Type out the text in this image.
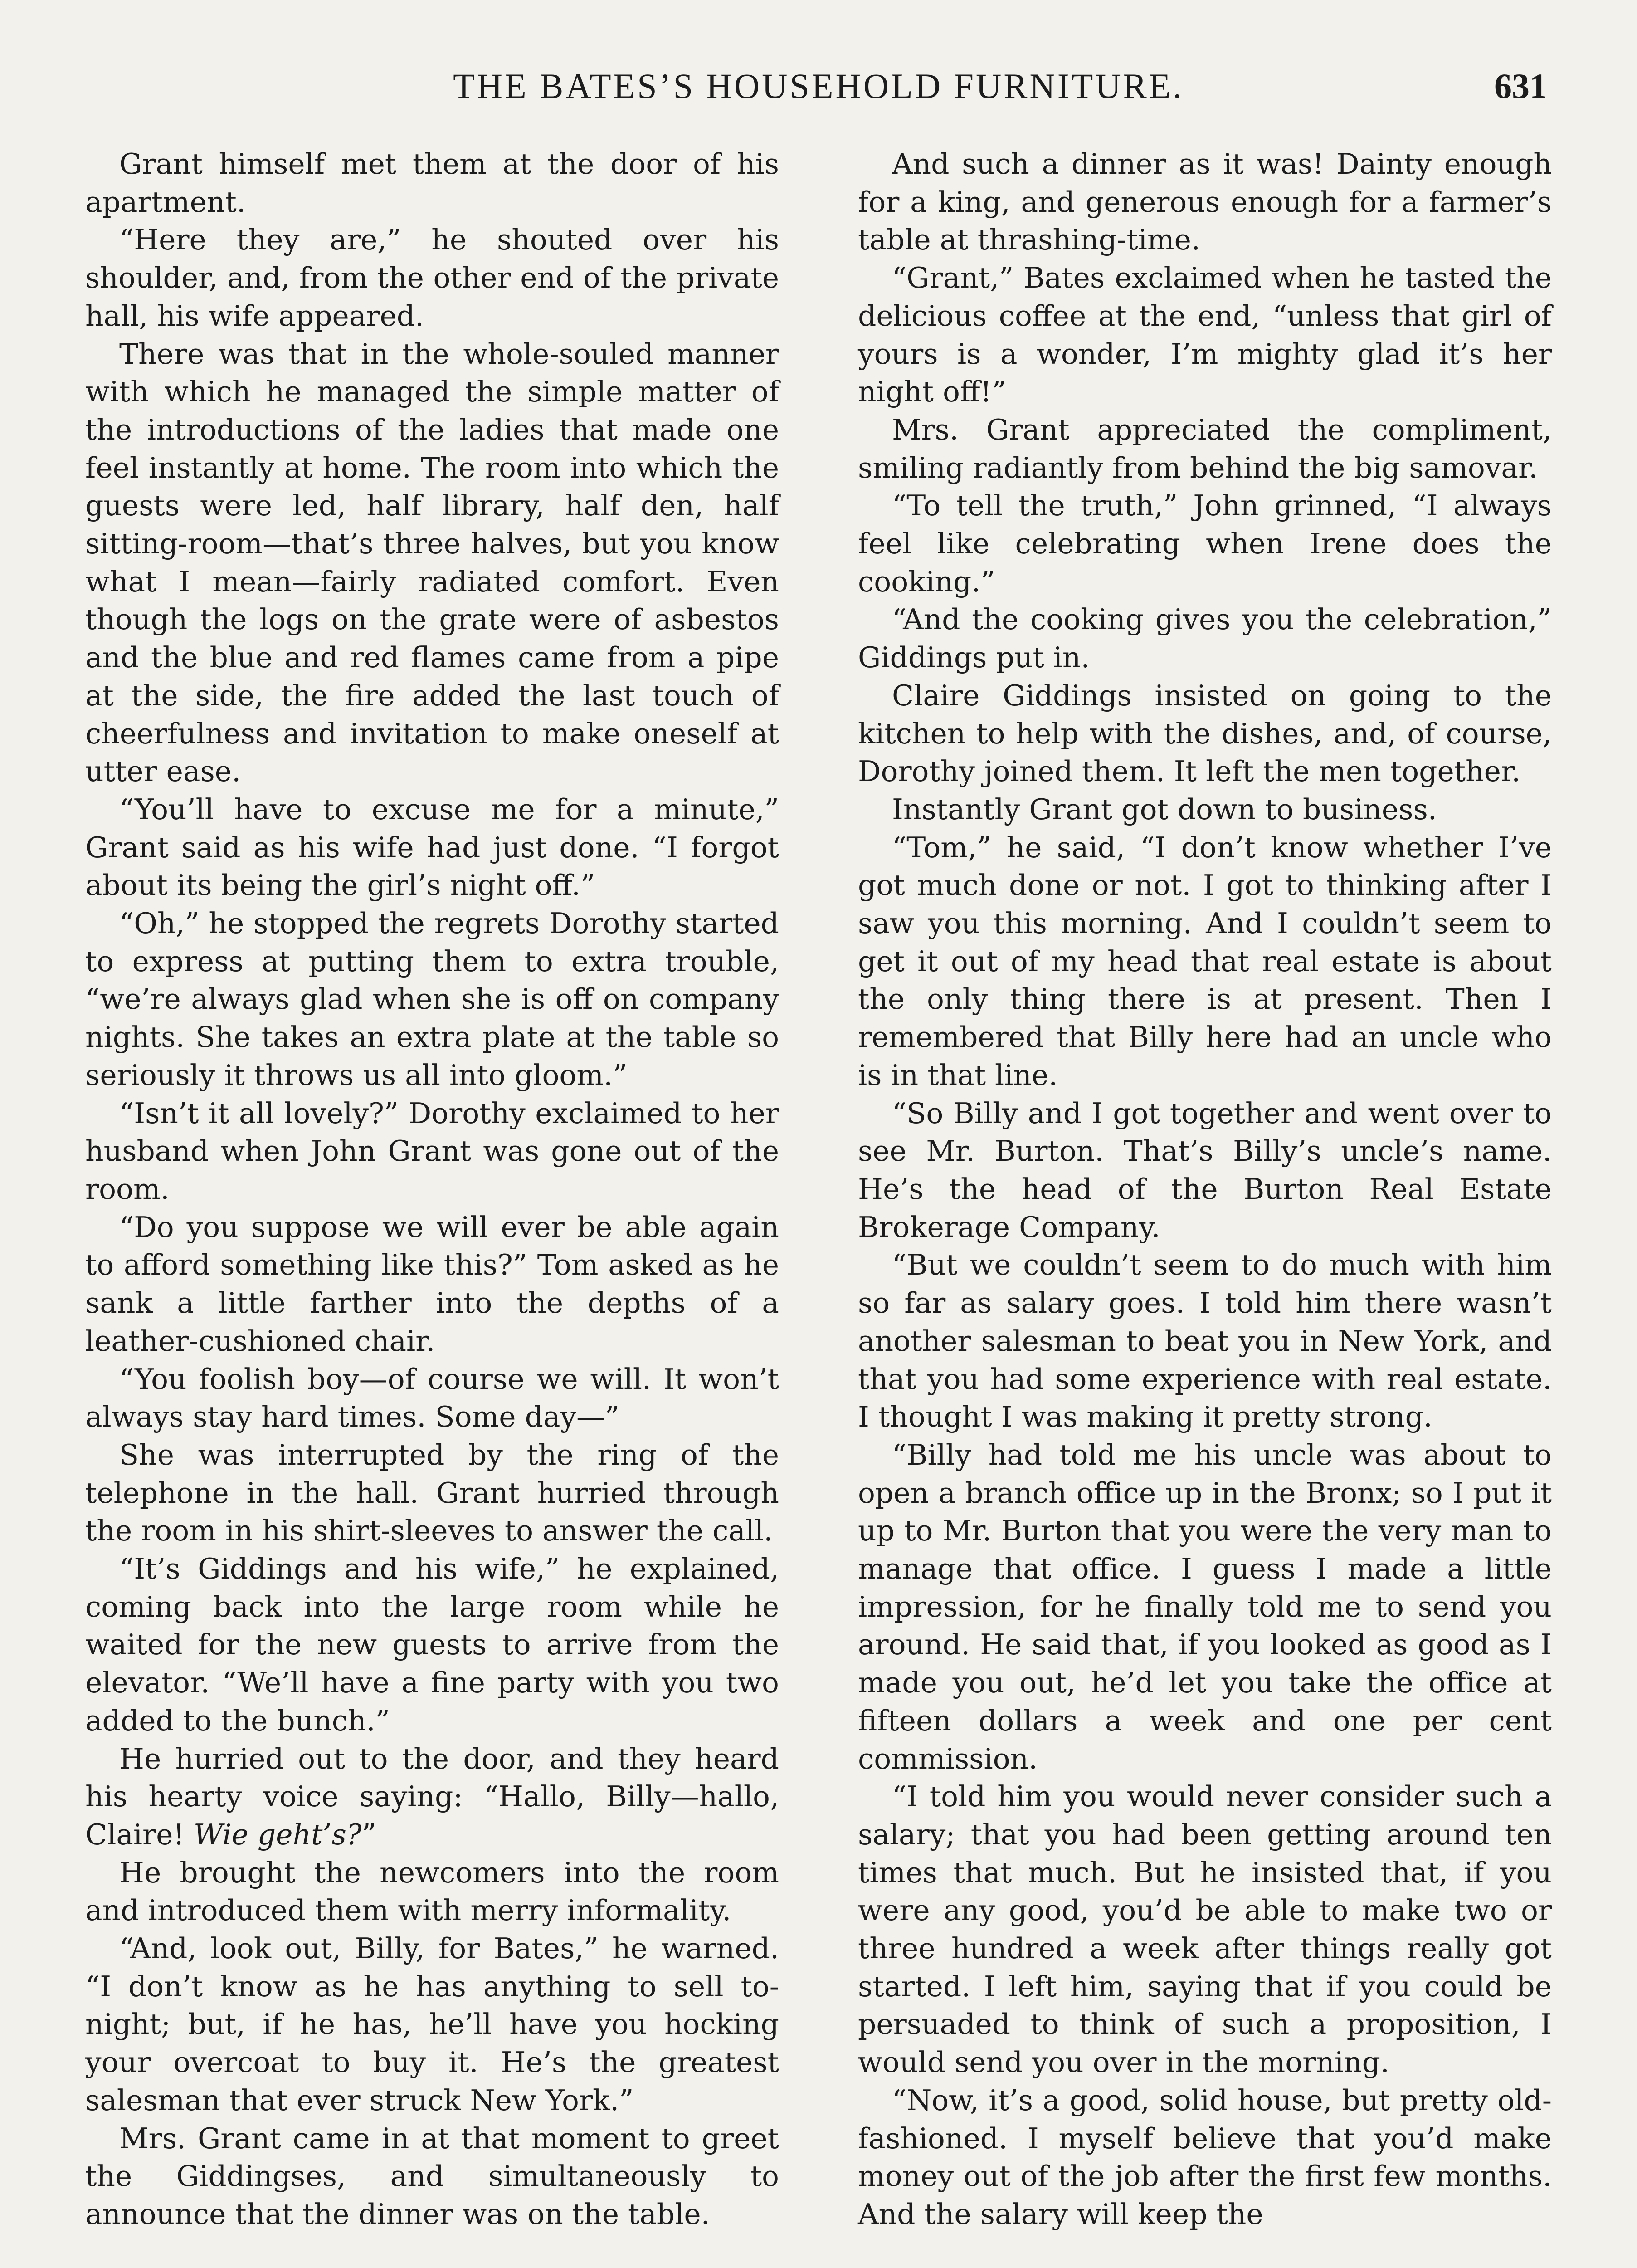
THE BATES’S HOUSEHOLD FURNITURE.	631

Grant himself met them at the door of his apartment.

“Here they are,” he shouted over his shoulder, and, from the other end of the private hall, his wife appeared.

There was that in the whole-souled manner with which he managed the simple matter of the introductions of the ladies that made one feel instantly at home. The room into which the guests were led, half library, half den, half sitting-room—that’s three halves, but you know what I mean—fairly radiated comfort. Even though the logs on the grate were of asbestos and the blue and red flames came from a pipe at the side, the fire added the last touch of cheerfulness and invitation to make oneself at utter ease.

“You’ll have to excuse me for a minute,” Grant said as his wife had just done. “I forgot about its being the girl’s night off.”

“Oh,” he stopped the regrets Dorothy started to express at putting them to extra trouble, “we’re always glad when she is off on company nights. She takes an extra plate at the table so seriously it throws us all into gloom.”

“Isn’t it all lovely?” Dorothy exclaimed to her husband when John Grant was gone out of the room.

“Do you suppose we will ever be able again to afford something like this?” Tom asked as he sank a little farther into the depths of a leather-cushioned chair.

“You foolish boy—of course we will. It won’t always stay hard times. Some day—”

She was interrupted by the ring of the telephone in the hall. Grant hurried through the room in his shirt-sleeves to answer the call.

“It’s Giddings and his wife,” he explained, coming back into the large room while he waited for the new guests to arrive from the elevator. “We’ll have a fine party with you two added to the bunch.”

He hurried out to the door, and they heard his hearty voice saying: “Hallo, Billy—hallo, Claire! Wie geht’s?”

He brought the newcomers into the room and introduced them with merry informality.

“And, look out, Billy, for Bates,” he warned. “I don’t know as he has anything to sell to-night; but, if he has, he’ll have you hocking your overcoat to buy it. He’s the greatest salesman that ever struck New York.”

Mrs. Grant came in at that moment to greet the Giddingses, and simultaneously to announce that the dinner was on the table.

And such a dinner as it was! Dainty enough for a king, and generous enough for a farmer’s table at thrashing-time.

“Grant,” Bates exclaimed when he tasted the delicious coffee at the end, “unless that girl of yours is a wonder, I’m mighty glad it’s her night off!”

Mrs. Grant appreciated the compliment, smiling radiantly from behind the big samovar.

“To tell the truth,” John grinned, “I always feel like celebrating when Irene does the cooking.”

“And the cooking gives you the celebration,” Giddings put in.

Claire Giddings insisted on going to the kitchen to help with the dishes, and, of course, Dorothy joined them. It left the men together.

Instantly Grant got down to business.

“Tom,” he said, “I don’t know whether I’ve got much done or not. I got to thinking after I saw you this morning. And I couldn’t seem to get it out of my head that real estate is about the only thing there is at present. Then I remembered that Billy here had an uncle who is in that line.

“So Billy and I got together and went over to see Mr. Burton. That’s Billy’s uncle’s name. He’s the head of the Burton Real Estate Brokerage Company.

“But we couldn’t seem to do much with him so far as salary goes. I told him there wasn’t another salesman to beat you in New York, and that you had some experience with real estate. I thought I was making it pretty strong.

“Billy had told me his uncle was about to open a branch office up in the Bronx; so I put it up to Mr. Burton that you were the very man to manage that office. I guess I made a little impression, for he finally told me to send you around. He said that, if you looked as good as I made you out, he’d let you take the office at fifteen dollars a week and one per cent commission.

“I told him you would never consider such a salary; that you had been getting around ten times that much. But he insisted that, if you were any good, you’d be able to make two or three hundred a week after things really got started. I left him, saying that if you could be persuaded to think of such a proposition, I would send you over in the morning.

“Now, it’s a good, solid house, but pretty old-fashioned. I myself believe that you’d make money out of the job after the first few months. And the salary will keep the
